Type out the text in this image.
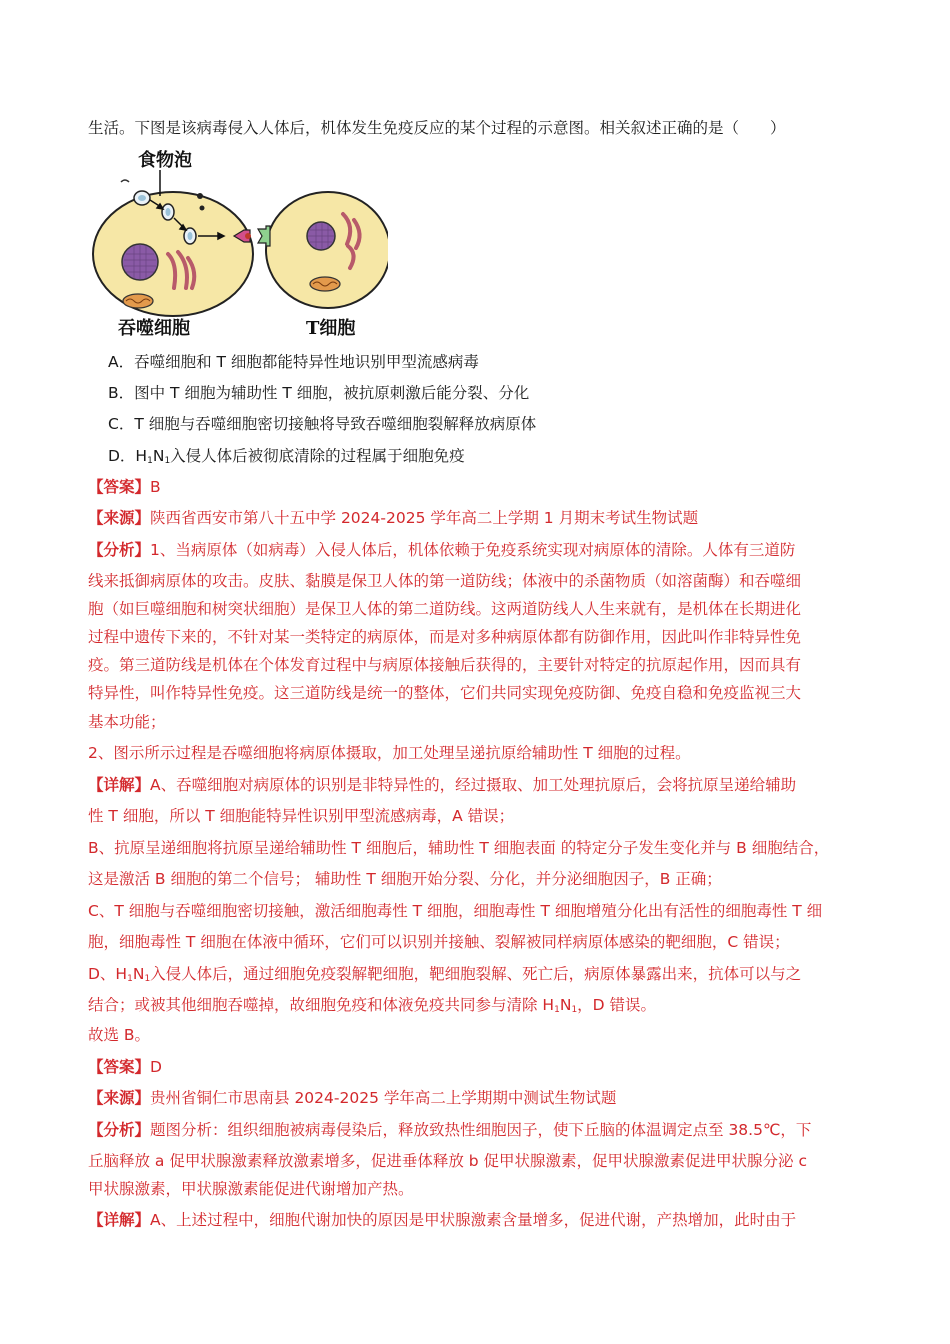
生活。下图是该病毒侵入人体后，机体发生免疫反应的某个过程的示意图。相关叙述正确的是（　　）
食物泡
吞噬细胞	T细胞
A．吞噬细胞和 T 细胞都能特异性地识别甲型流感病毒
B．图中 T 细胞为辅助性 T 细胞，被抗原刺激后能分裂、分化
C．T 细胞与吞噬细胞密切接触将导致吞噬细胞裂解释放病原体
D．$H_1N_1$入侵人体后被彻底清除的过程属于细胞免疫
【答案】B
【来源】陕西省西安市第八十五中学 2024-2025 学年高二上学期 1 月期末考试生物试题
【分析】1、当病原体（如病毒）入侵人体后，机体依赖于免疫系统实现对病原体的清除。人体有三道防
线来抵御病原体的攻击。皮肤、黏膜是保卫人体的第一道防线；体液中的杀菌物质（如溶菌酶）和吞噬细
胞（如巨噬细胞和树突状细胞）是保卫人体的第二道防线。这两道防线人人生来就有，是机体在长期进化
过程中遗传下来的，不针对某一类特定的病原体，而是对多种病原体都有防御作用，因此叫作非特异性免
疫。第三道防线是机体在个体发育过程中与病原体接触后获得的，主要针对特定的抗原起作用，因而具有
特异性，叫作特异性免疫。这三道防线是统一的整体，它们共同实现免疫防御、免疫自稳和免疫监视三大
基本功能；
2、图示所示过程是吞噬细胞将病原体摄取，加工处理呈递抗原给辅助性 T 细胞的过程。
【详解】A、吞噬细胞对病原体的识别是非特异性的，经过摄取、加工处理抗原后，会将抗原呈递给辅助
性 T 细胞，所以 T 细胞能特异性识别甲型流感病毒，A 错误；
B、抗原呈递细胞将抗原呈递给辅助性 T 细胞后，辅助性 T 细胞表面 的特定分子发生变化并与 B 细胞结合，
这是激活 B 细胞的第二个信号； 辅助性 T 细胞开始分裂、分化，并分泌细胞因子，B 正确；
C、T 细胞与吞噬细胞密切接触，激活细胞毒性 T 细胞，细胞毒性 T 细胞增殖分化出有活性的细胞毒性 T 细
胞，细胞毒性 T 细胞在体液中循环，它们可以识别并接触、裂解被同样病原体感染的靶细胞，C 错误；
D、$H_1N_1$入侵人体后，通过细胞免疫裂解靶细胞，靶细胞裂解、死亡后，病原体暴露出来，抗体可以与之
结合；或被其他细胞吞噬掉，故细胞免疫和体液免疫共同参与清除 $H_1N_1$，D 错误。
故选 B。
【答案】D
【来源】贵州省铜仁市思南县 2024-2025 学年高二上学期期中测试生物试题
【分析】题图分析：组织细胞被病毒侵染后，释放致热性细胞因子，使下丘脑的体温调定点至 38.5℃，下
丘脑释放 a 促甲状腺激素释放激素增多，促进垂体释放 b 促甲状腺激素，促甲状腺激素促进甲状腺分泌 c
甲状腺激素，甲状腺激素能促进代谢增加产热。
【详解】A、上述过程中，细胞代谢加快的原因是甲状腺激素含量增多，促进代谢，产热增加，此时由于
